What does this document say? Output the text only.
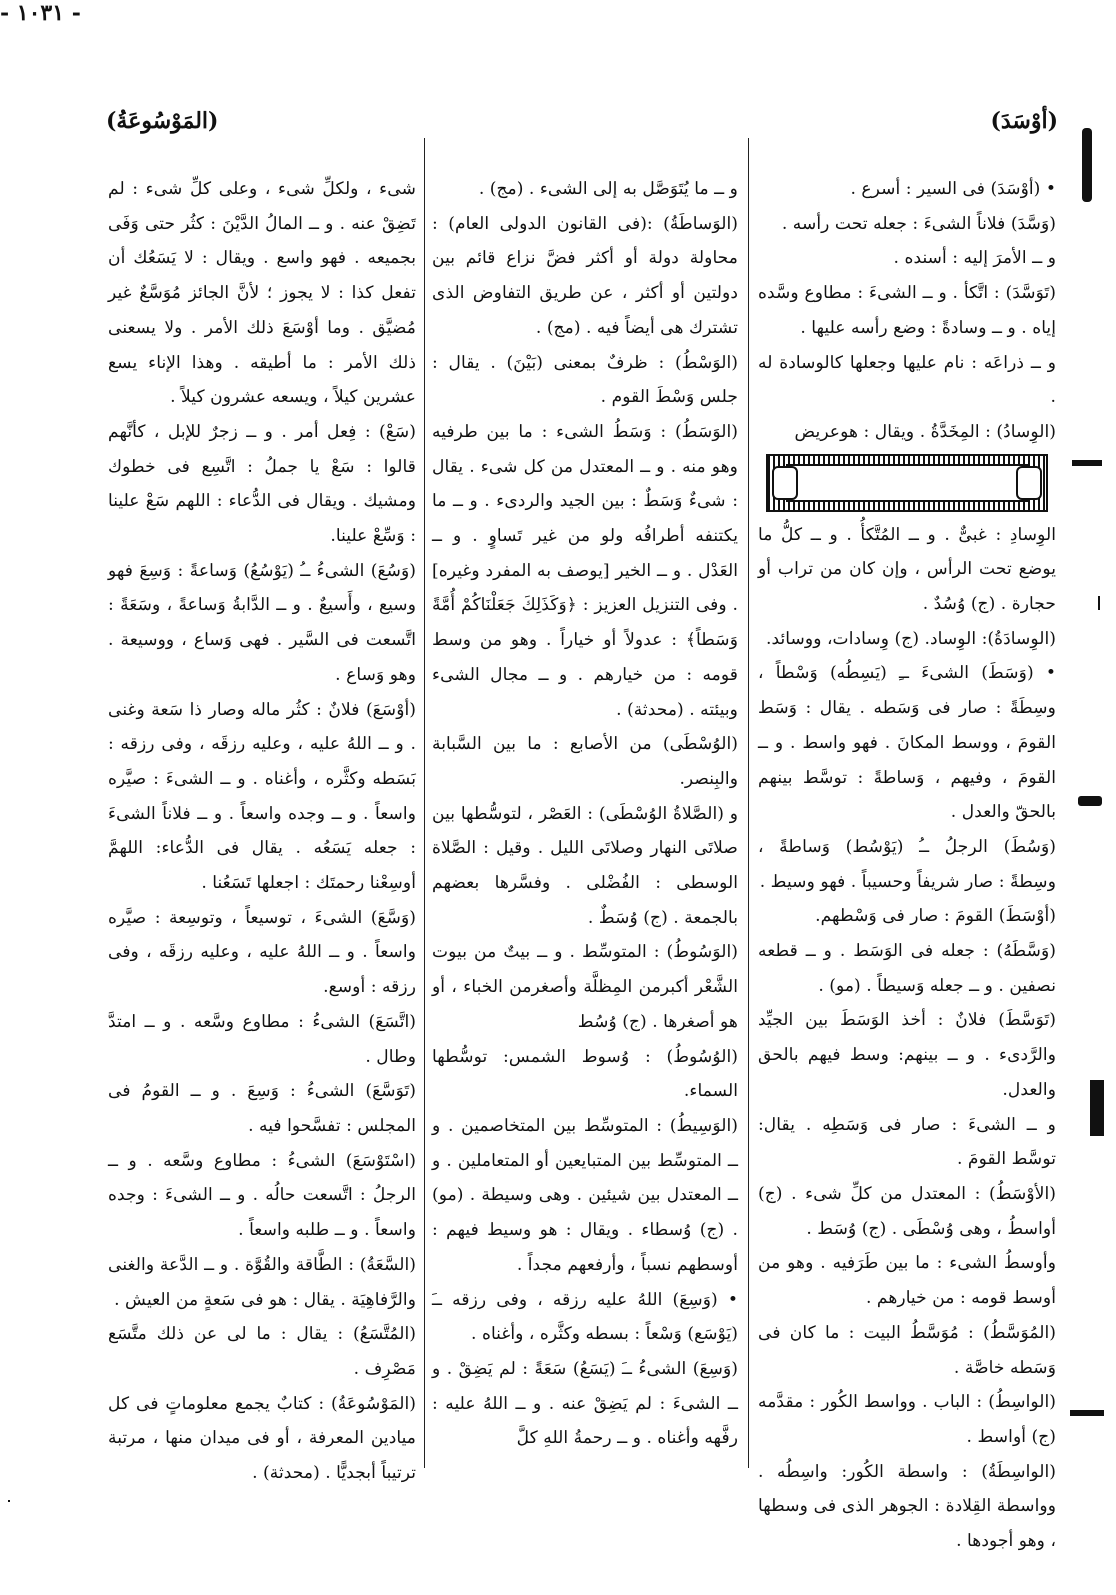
(أوْسَدَ)
- ١٠٣١ -
(المَوْسُوعَةُ)

• (أوْسَدَ) فى السير : أسرع .

(وَسَّدَ) فلاناً الشىءَ : جعله تحت رأسه .

و ــ الأمرَ إليه : أسنده .

(تَوَسَّدَ) : اتَّكأ . و ــ الشىءَ : مطاوع وسَّده إياه . و ــ وسادةً : وضع رأسه عليها .

و ــ ذراعَه : نام عليها وجعلها كالوسادة له .

(الوِسادُ) : المِخَدَّةُ . ويقال : هوعريض

الوِسادِ : غبىٌّ . و ــ المُتَّكأُ . و ــ كلُّ ما يوضع تحت الرأس ، وإن كان من تراب أو حجارة . (ج) وُسُدٌ .

(الوِسادَةُ): الوِساد. (ج) وِسادات، ووسائد.

• (وَسَطَ) الشىءَ ــِ (يَسِطُه) وَسْطاً ، وسِطَةً : صار فى وَسَطه . يقال : وَسَط القومَ ، ووسط المكانَ . فهو واسط . و ــ القومَ ، وفيهم ، وَساطةً : توسَّط بينهم بالحقّ والعدل .

(وَسُطَ) الرجلُ ــُ (يَوْسُط) وَساطةً ، وسِطةً : صار شريفاً وحسيباً . فهو وسيط .

(أوْسَطَ) القومَ : صار فى وَسْطهم.

(وَسَّطَهُ) : جعله فى الوَسَط . و ــ قطعه نصفين . و ــ جعله وَسيطاً . (مو) .

(تَوَسَّطَ) فلانٌ : أخذ الوَسَطَ بين الجيِّد والرَّدىء . و ــ بينهم: وسط فيهم بالحق والعدل.

و ــ الشىءَ : صار فى وَسَطِه . يقال: توسَّط القومَ .

(الأوْسَطُ) : المعتدل من كلِّ شىء . (ج) أواسطُ ، وهى وُسْطَى . (ج) وُسَط .

وأوسطُ الشىء : ما بين طَرَفيه . وهو من أوسط قومه : من خيارهم .

(المُوَسَّطُ) : مُوَسَّطُ البيت : ما كان فى وَسَطه خاصَّة .

(الواسِطُ) : الباب . وواسط الكُور : مقدَّمه (ج) أواسط .

(الواسِطَةُ) : واسطة الكُور: واسِطُه . وواسطة القِلادة : الجوهر الذى فى وسطها ، وهو أجودها .

و ــ ما يُتَوَصَّل به إلى الشىء . (مج) .

(الوَساطَةُ) :(فى القانون الدولى العام) : محاولة دولة أو أكثر فضَّ نزاع قائم بين دولتين أو أكثر ، عن طريق التفاوض الذى تشترك هى أيضاً فيه . (مج) .

(الوَسْطُ) : ظرفٌ بمعنى (بَيْنَ) . يقال : جلس وَسْطَ القوم .

(الوَسَطُ) : وَسَطُ الشىء : ما بين طرفيه وهو منه . و ــ المعتدل من كل شىء . يقال : شىءٌ وَسَطٌ : بين الجيد والردىء . و ــ ما يكتنفه أطرافُه ولو من غير تَساوٍ . و ــ العَدْل . و ــ الخير [يوصف به المفرد وغيره] . وفى التنزيل العزيز : ﴿وَكَذَلِكَ جَعَلْنَاكُمْ أُمَّةً وَسَطاً﴾ : عدولاً أو خياراً . وهو من وسط قومه : من خيارهم . و ــ مجال الشىء وبيئته . (محدثة) .

(الوُسْطَى) من الأصابع : ما بين السَّبابة والبِنصر.

و (الصَّلاةُ الوُسْطَى) : العَصْر ، لتوسُّطها بين صلاتَى النهار وصلاتَى الليل . وقيل : الصَّلاة الوسطى : الفُضْلى . وفسَّرها بعضهم بالجمعة . (ج) وُسَطٌ .

(الوَسُوطُ) : المتوسِّط . و ــ بيتٌ من بيوت الشَّعْر أكبرمن المِظلَّة وأصغرمن الخباء ، أو هو أصغرها . (ج) وُسُط

(الوُسُوطُ) : وُسوط الشمس: توسُّطها السماء.

(الوَسِيطُ) : المتوسِّط بين المتخاصمين . و ــ المتوسِّط بين المتبايعين أو المتعاملين . و ــ المعتدل بين شيئين . وهى وسيطة . (مو) . (ج) وُسطاء . ويقال : هو وسيط فيهم : أوسطهم نسباً ، وأرفعهم مجداً .

• (وَسِعَ) اللهُ عليه رزقه ، وفى رزقه ــَ (يَوْسَع) وَسْعاً : بسطه وكثَّره ، وأغناه .

(وَسِعَ) الشىءُ ــَ (يَسَعُ) سَعَةً : لم يَضِقْ . و ــ الشىءَ : لم يَضِقْ عنه . و ــ اللهُ عليه : رفَّهه وأغناه . و ــ رحمةُ اللهِ كلَّ

شىء ، ولكلِّ شىء ، وعلى كلِّ شىء : لم تَضِقْ عنه . و ــ المالُ الدَّيْنَ : كثُر حتى وَفَى بجميعه . فهو واسع . ويقال : لا يَسَعُك أن تفعل كذا : لا يجوز ؛ لأنَّ الجائز مُوَسَّعٌ غير مُضيَّق . وما أوْسَعَ ذلك الأمر . ولا يسعنى ذلك الأمر : ما أطيقه . وهذا الإناء يسع عشرين كيلاً ، ويسعه عشرون كيلاً .

(سَعْ) : فِعل أمر . و ــ زجرٌ للإبل ، كأنَّهم قالوا : سَعْ يا جملُ : اتَّسِع فى خطوك ومشيك . ويقال فى الدُّعاء : اللهم سَعْ علينا : وَسِّعْ علينا.

(وَسُعَ) الشىءُ ــُ (يَوْسُعُ) وَساعةً : وَسِعَ فهو وسيع ، وأَسيعٌ . و ــ الدَّابةُ وَساعةً ، وسَعَةً : اتَّسعت فى السَّير . فهى وَساع ، ووسيعة . وهو وَساع .

(أوْسَعَ) فلانٌ : كثُر ماله وصار ذا سَعة وغنى . و ــ اللهُ عليه ، وعليه رزقَه ، وفى رزقه : بَسَطه وكثَّره ، وأغناه . و ــ الشىءَ : صيَّره واسعاً . و ــ وجده واسعاً . و ــ فلاناً الشىءَ : جعله يَسَعُه . يقال فى الدُّعاء: اللهمَّ أوسِعْنا رحمتَك : اجعلها تَسَعُنا .

(وَسَّعَ) الشىءَ ، توسيعاً ، وتوسِعة : صيَّره واسعاً . و ــ اللهُ عليه ، وعليه رزقَه ، وفى رزقه : أوسع.

(اتَّسَعَ) الشىءُ : مطاوع وسَّعه . و ــ امتدَّ وطال .

(تَوَسَّعَ) الشىءُ : وَسِعَ . و ــ القومُ فى المجلس : تفسَّحوا فيه .

(اسْتَوْسَعَ) الشىءُ : مطاوع وسَّعه . و ــ الرجلُ : اتَّسعت حالُه . و ــ الشىءَ : وجده واسعاً . و ــ طلبه واسعاً .

(السَّعَةُ) : الطَّاقة والقُوَّة . و ــ الدَّعة والغنى والرَّفاهِيَة . يقال : هو فى سَعةٍ من العيش .

(المُتَّسَعُ) : يقال : ما لى عن ذلك متَّسَع مَصْرِف .

(المَوْسُوعَةُ) : كتابٌ يجمع معلوماتٍ فى كل ميادين المعرفة ، أو فى ميدان منها ، مرتبة ترتيباً أبجديًّا . (محدثة) .
